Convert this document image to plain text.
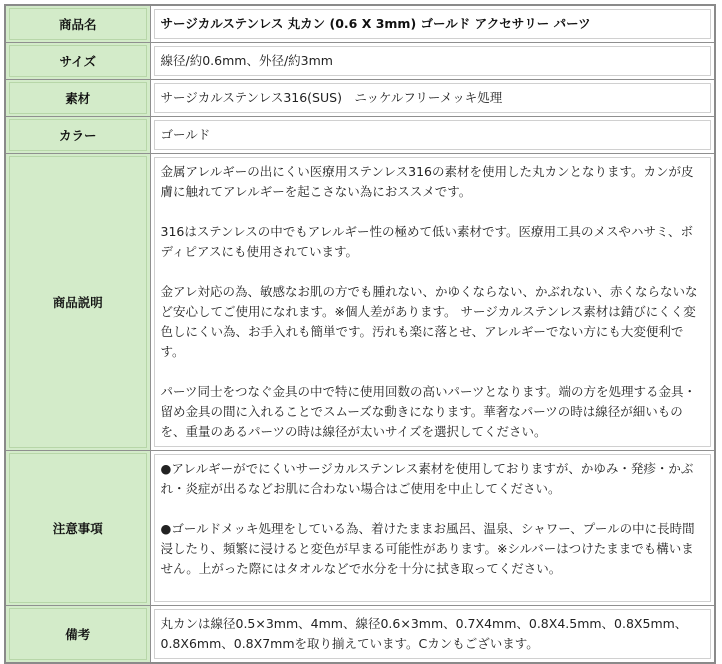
商品名	サージカルステンレス 丸カン (0.6 X 3mm) ゴールド アクセサリー パーツ

サイズ	線径/約0.6mm、外径/約3mm

素材	サージカルステンレス316(SUS)　ニッケルフリーメッキ処理

カラー	ゴールド

商品説明	金属アレルギーの出にくい医療用ステンレス316の素材を使用した丸カンとなります。カンが皮膚に触れてアレルギーを起こさない為におススメです。

316はステンレスの中でもアレルギー性の極めて低い素材です。医療用工具のメスやハサミ、ボディピアスにも使用されています。

金アレ対応の為、敏感なお肌の方でも腫れない、かゆくならない、かぶれない、赤くならないなど安心してご使用になれます。※個人差があります。 サージカルステンレス素材は錆びにくく変色しにくい為、お手入れも簡単です。汚れも楽に落とせ、アレルギーでない方にも大変便利です。

パーツ同士をつなぐ金具の中で特に使用回数の高いパーツとなります。端の方を処理する金具・留め金具の間に入れることでスムーズな動きになります。華奢なパーツの時は線径が細いものを、重量のあるパーツの時は線径が太いサイズを選択してください。

注意事項	●アレルギーがでにくいサージカルステンレス素材を使用しておりますが、かゆみ・発疹・かぶれ・炎症が出るなどお肌に合わない場合はご使用を中止してください。

●ゴールドメッキ処理をしている為、着けたままお風呂、温泉、シャワー、プールの中に長時間浸したり、頻繁に浸けると変色が早まる可能性があります。※シルバーはつけたままでも構いません。上がった際にはタオルなどで水分を十分に拭き取ってください。

備考	丸カンは線径0.5×3mm、4mm、線径0.6×3mm、0.7X4mm、0.8X4.5mm、0.8X5mm、0.8X6mm、0.8X7mmを取り揃えています。Cカンもございます。
